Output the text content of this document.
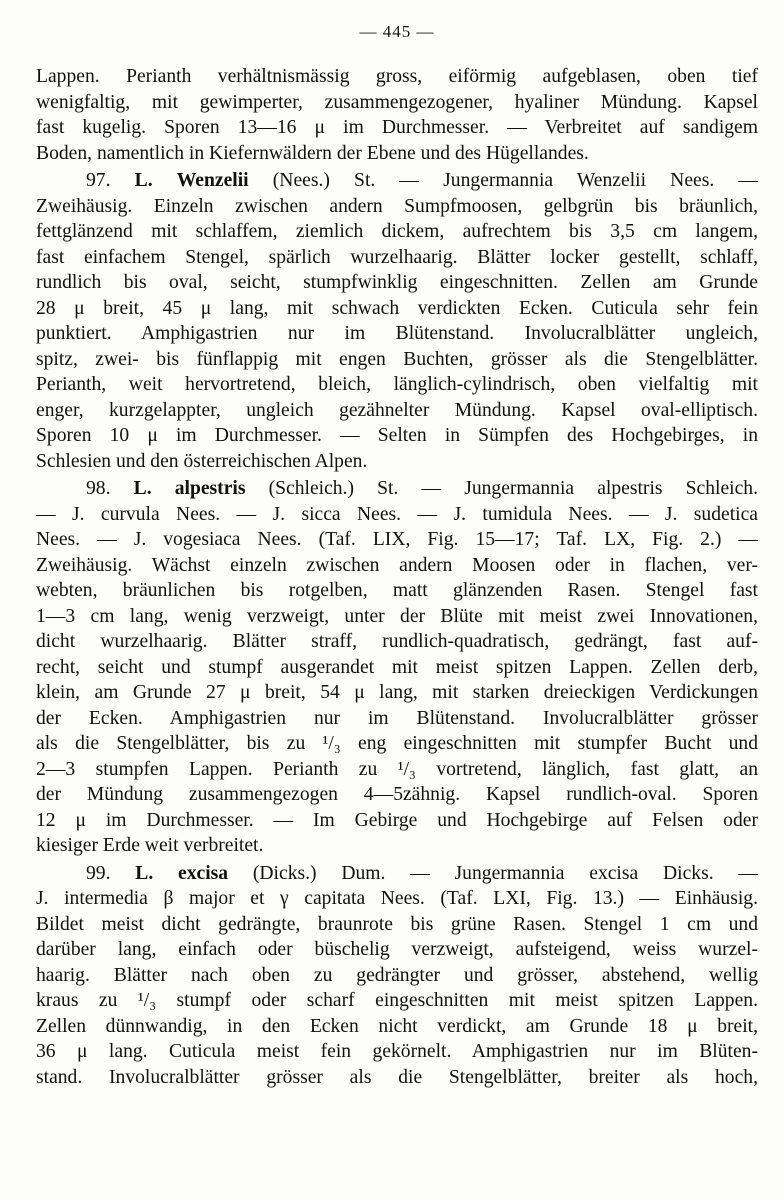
— 445 —
Lappen. Perianth verhältnismässig gross, eiförmig aufgeblasen, oben tief
wenigfaltig, mit gewimperter, zusammengezogener, hyaliner Mündung. Kapsel
fast kugelig. Sporen 13—16 μ im Durchmesser. — Verbreitet auf sandigem
Boden, namentlich in Kiefernwäldern der Ebene und des Hügellandes.
97. L. Wenzelii (Nees.) St. — Jungermannia Wenzelii Nees. —
Zweihäusig. Einzeln zwischen andern Sumpfmoosen, gelbgrün bis bräunlich,
fettglänzend mit schlaffem, ziemlich dickem, aufrechtem bis 3,5 cm langem,
fast einfachem Stengel, spärlich wurzelhaarig. Blätter locker gestellt, schlaff,
rundlich bis oval, seicht, stumpfwinklig eingeschnitten. Zellen am Grunde
28 μ breit, 45 μ lang, mit schwach verdickten Ecken. Cuticula sehr fein
punktiert. Amphigastrien nur im Blütenstand. Involucralblätter ungleich,
spitz, zwei- bis fünflappig mit engen Buchten, grösser als die Stengelblätter.
Perianth, weit hervortretend, bleich, länglich-cylindrisch, oben vielfaltig mit
enger, kurzgelappter, ungleich gezähnelter Mündung. Kapsel oval-elliptisch.
Sporen 10 μ im Durchmesser. — Selten in Sümpfen des Hochgebirges, in
Schlesien und den österreichischen Alpen.
98. L. alpestris (Schleich.) St. — Jungermannia alpestris Schleich.
— J. curvula Nees. — J. sicca Nees. — J. tumidula Nees. — J. sudetica
Nees. — J. vogesiaca Nees. (Taf. LIX, Fig. 15—17; Taf. LX, Fig. 2.) —
Zweihäusig. Wächst einzeln zwischen andern Moosen oder in flachen, ver-
webten, bräunlichen bis rotgelben, matt glänzenden Rasen. Stengel fast
1—3 cm lang, wenig verzweigt, unter der Blüte mit meist zwei Innovationen,
dicht wurzelhaarig. Blätter straff, rundlich-quadratisch, gedrängt, fast auf-
recht, seicht und stumpf ausgerandet mit meist spitzen Lappen. Zellen derb,
klein, am Grunde 27 μ breit, 54 μ lang, mit starken dreieckigen Verdickungen
der Ecken. Amphigastrien nur im Blütenstand. Involucralblätter grösser
als die Stengelblätter, bis zu ¹/₃ eng eingeschnitten mit stumpfer Bucht und
2—3 stumpfen Lappen. Perianth zu ¹/₃ vortretend, länglich, fast glatt, an
der Mündung zusammengezogen 4—5zähnig. Kapsel rundlich-oval. Sporen
12 μ im Durchmesser. — Im Gebirge und Hochgebirge auf Felsen oder
kiesiger Erde weit verbreitet.
99. L. excisa (Dicks.) Dum. — Jungermannia excisa Dicks. —
J. intermedia β major et γ capitata Nees. (Taf. LXI, Fig. 13.) — Einhäusig.
Bildet meist dicht gedrängte, braunrote bis grüne Rasen. Stengel 1 cm und
darüber lang, einfach oder büschelig verzweigt, aufsteigend, weiss wurzel-
haarig. Blätter nach oben zu gedrängter und grösser, abstehend, wellig
kraus zu ¹/₃ stumpf oder scharf eingeschnitten mit meist spitzen Lappen.
Zellen dünnwandig, in den Ecken nicht verdickt, am Grunde 18 μ breit,
36 μ lang. Cuticula meist fein gekörnelt. Amphigastrien nur im Blüten-
stand. Involucralblätter grösser als die Stengelblätter, breiter als hoch,
